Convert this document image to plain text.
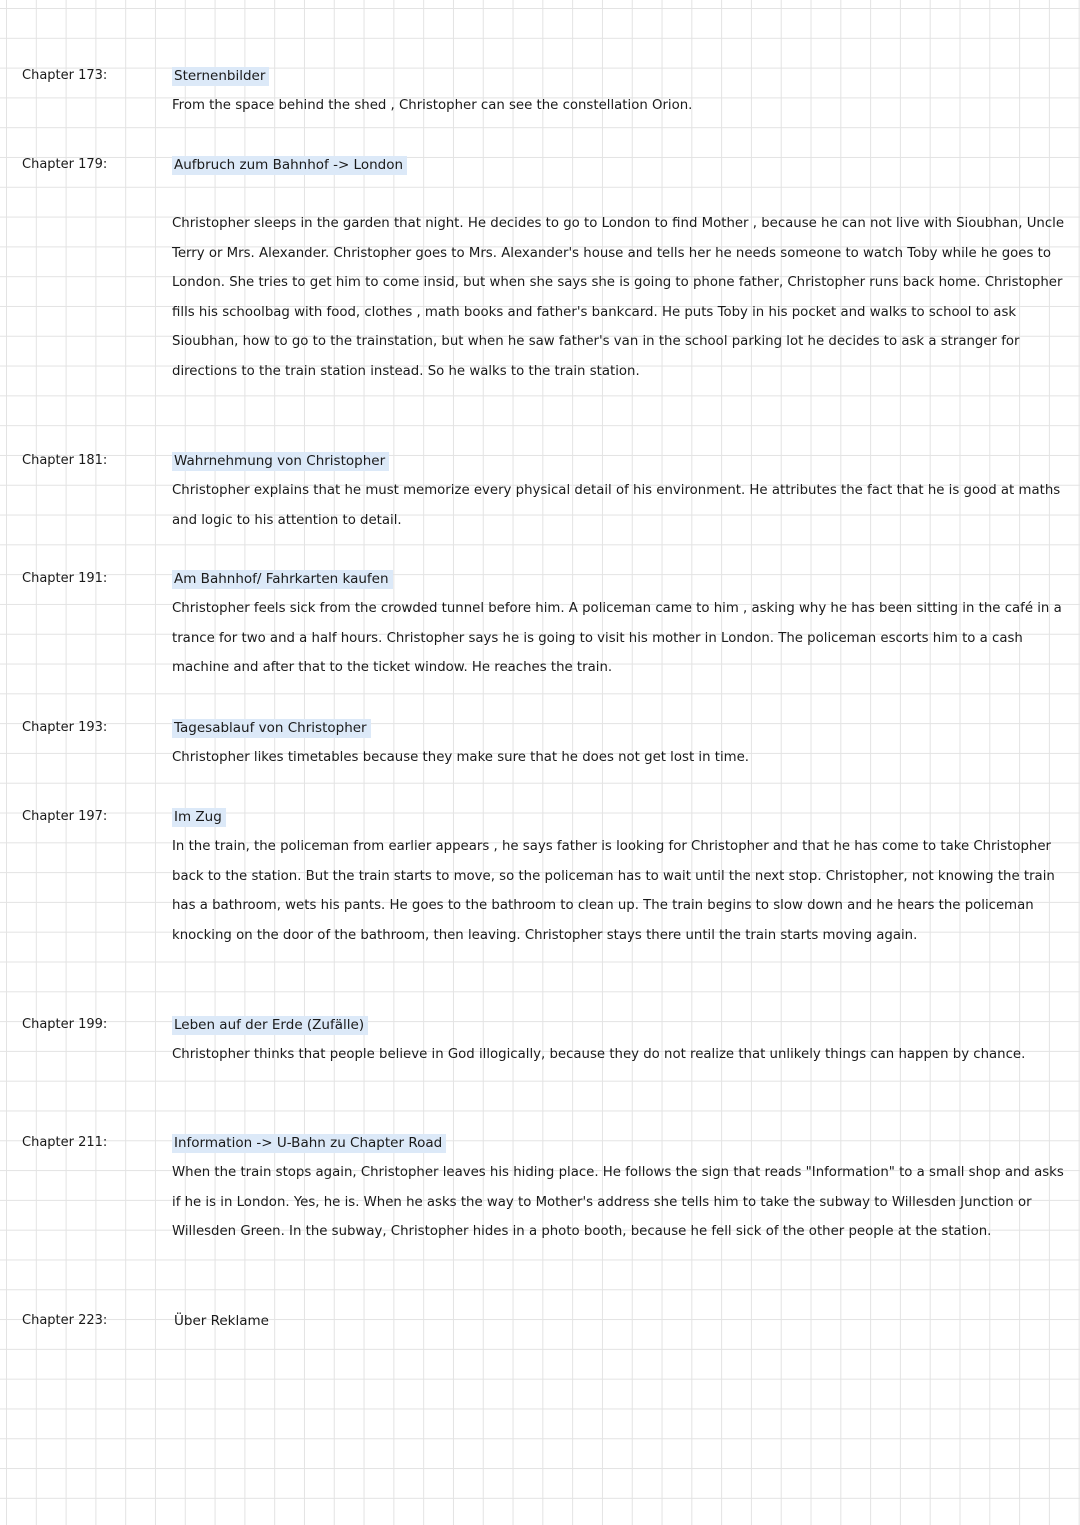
Chapter 173:	Sternenbilder

From the space behind the shed , Christopher can see the constellation Orion.

Chapter 179:	Aufbruch zum Bahnhof -> London

Christopher sleeps in the garden that night. He decides to go to London to find Mother , because he can not live with Sioubhan, Uncle Terry or Mrs. Alexander. Christopher goes to Mrs. Alexander's house and tells her he needs someone to watch Toby while he goes to London. She tries to get him to come insid, but when she says she is going to phone father, Christopher runs back home. Christopher fills his schoolbag with food, clothes , math books and father's bankcard. He puts Toby in his pocket and walks to school to ask Sioubhan, how to go to the trainstation, but when he saw father's van in the school parking lot he decides to ask a stranger for directions to the train station instead. So he walks to the train station.

Chapter 181:	Wahrnehmung von Christopher

Christopher explains that he must memorize every physical detail of his environment. He attributes the fact that he is good at maths and logic to his attention to detail.

Chapter 191:	Am Bahnhof/ Fahrkarten kaufen

Christopher feels sick from the crowded tunnel before him. A policeman came to him , asking why he has been sitting in the café in a trance for two and a half hours. Christopher says he is going to visit his mother in London. The policeman escorts him to a cash machine and after that to the ticket window. He reaches the train.

Chapter 193:	Tagesablauf von Christopher

Christopher likes timetables because they make sure that he does not get lost in time.

Chapter 197:	Im Zug

In the train, the policeman from earlier appears , he says father is looking for Christopher and that he has come to take Christopher back to the station. But the train starts to move, so the policeman has to wait until the next stop. Christopher, not knowing the train has a bathroom, wets his pants. He goes to the bathroom to clean up. The train begins to slow down and he hears the policeman knocking on the door of the bathroom, then leaving. Christopher stays there until the train starts moving again.

Chapter 199:	Leben auf der Erde (Zufälle)

Christopher thinks that people believe in God illogically, because they do not realize that unlikely things can happen by chance.

Chapter 211:	Information -> U-Bahn zu Chapter Road

When the train stops again, Christopher leaves his hiding place. He follows the sign that reads "Information" to a small shop and asks if he is in London. Yes, he is. When he asks the way to Mother's address she tells him to take the subway to Willesden Junction or Willesden Green. In the subway, Christopher hides in a photo booth, because he fell sick of the other people at the station.

Chapter 223:	Über Reklame
